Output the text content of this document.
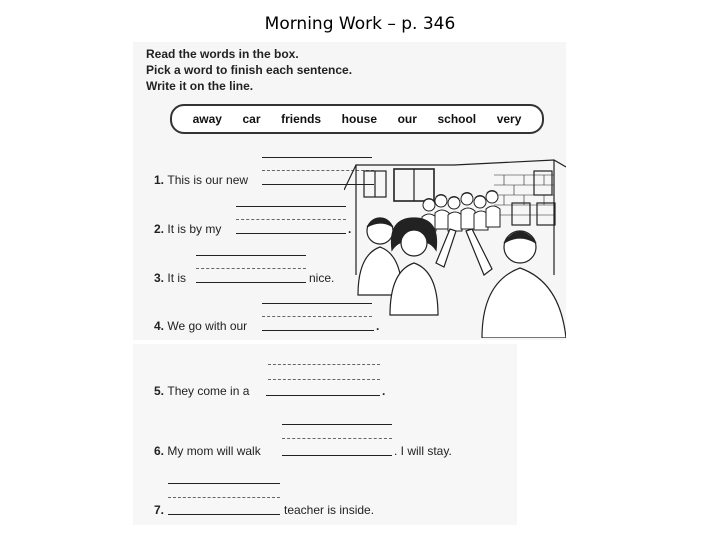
Morning Work – p. 346
Read the words in the box.
Pick a word to finish each sentence.
Write it on the line.
away car friends house our school very
1. This is our new
2. It is by my	.
3. It is	nice.
4. We go with our	.
5. They come in a	.
6. My mom will walk	. I will stay.
7.	teacher is inside.
